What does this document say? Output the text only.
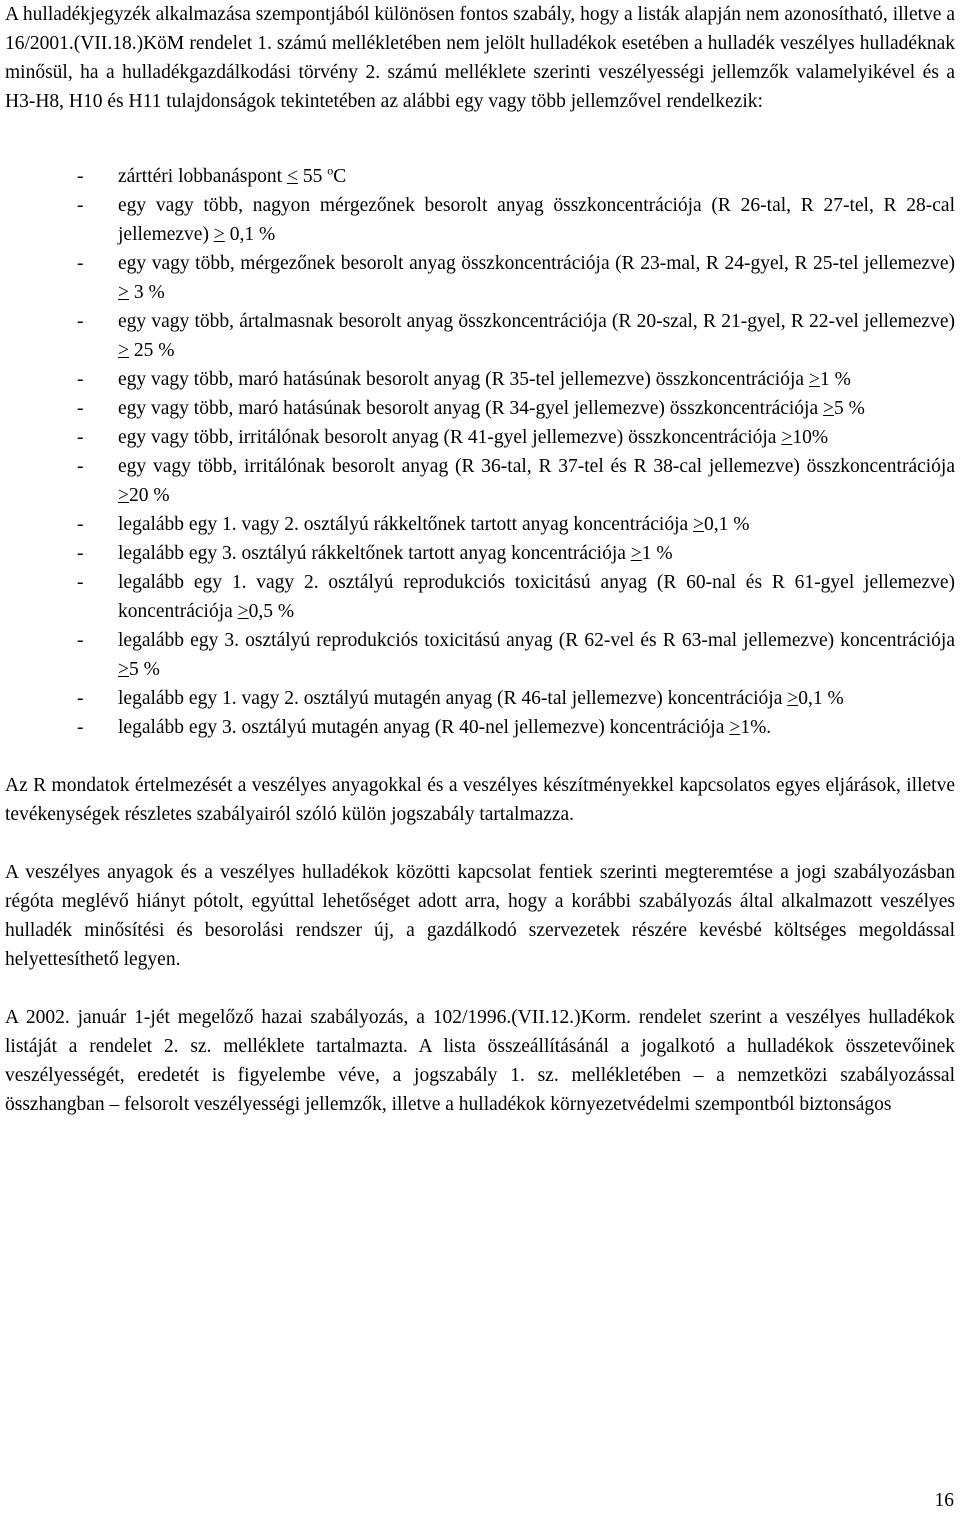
A hulladékjegyzék alkalmazása szempontjából különösen fontos szabály, hogy a listák alapján nem azonosítható, illetve a 16/2001.(VII.18.)KöM rendelet 1. számú mellékletében nem jelölt hulladékok esetében a hulladék veszélyes hulladéknak minősül, ha a hulladékgazdálkodási törvény 2. számú melléklete szerinti veszélyességi jellemzők valamelyikével és a H3-H8, H10 és H11 tulajdonságok tekintetében az alábbi egy vagy több jellemzővel rendelkezik:

- zárttéri lobbanáspont < 55 $^o$C
- egy vagy több, nagyon mérgezőnek besorolt anyag összkoncentrációja (R 26-tal, R 27-tel, R 28-cal jellemezve) > 0,1 %
- egy vagy több, mérgezőnek besorolt anyag összkoncentrációja (R 23-mal, R 24-gyel, R 25-tel jellemezve) > 3 %
- egy vagy több, ártalmasnak besorolt anyag összkoncentrációja (R 20-szal, R 21-gyel, R 22-vel jellemezve) > 25 %
- egy vagy több, maró hatásúnak besorolt anyag (R 35-tel jellemezve) összkoncentrációja >1 %
- egy vagy több, maró hatásúnak besorolt anyag (R 34-gyel jellemezve) összkoncentrációja >5 %
- egy vagy több, irritálónak besorolt anyag (R 41-gyel jellemezve) összkoncentrációja >10%
- egy vagy több, irritálónak besorolt anyag (R 36-tal, R 37-tel és R 38-cal jellemezve) összkoncentrációja >20 %
- legalább egy 1. vagy 2. osztályú rákkeltőnek tartott anyag koncentrációja >0,1 %
- legalább egy 3. osztályú rákkeltőnek tartott anyag koncentrációja >1 %
- legalább egy 1. vagy 2. osztályú reprodukciós toxicitású anyag (R 60-nal és R 61-gyel jellemezve) koncentrációja >0,5 %
- legalább egy 3. osztályú reprodukciós toxicitású anyag (R 62-vel és R 63-mal jellemezve) koncentrációja >5 %
- legalább egy 1. vagy 2. osztályú mutagén anyag (R 46-tal jellemezve) koncentrációja >0,1 %
- legalább egy 3. osztályú mutagén anyag (R 40-nel jellemezve) koncentrációja >1%.

Az R mondatok értelmezését a veszélyes anyagokkal és a veszélyes készítményekkel kapcsolatos egyes eljárások, illetve tevékenységek részletes szabályairól szóló külön jogszabály tartalmazza.

A veszélyes anyagok és a veszélyes hulladékok közötti kapcsolat fentiek szerinti megteremtése a jogi szabályozásban régóta meglévő hiányt pótolt, egyúttal lehetőséget adott arra, hogy a korábbi szabályozás által alkalmazott veszélyes hulladék minősítési és besorolási rendszer új, a gazdálkodó szervezetek részére kevésbé költséges megoldással helyettesíthető legyen.

A 2002. január 1-jét megelőző hazai szabályozás, a 102/1996.(VII.12.)Korm. rendelet szerint a veszélyes hulladékok listáját a rendelet 2. sz. melléklete tartalmazta. A lista összeállításánál a jogalkotó a hulladékok összetevőinek veszélyességét, eredetét is figyelembe véve, a jogszabály 1. sz. mellékletében – a nemzetközi szabályozással összhangban – felsorolt veszélyességi jellemzők, illetve a hulladékok környezetvédelmi szempontból biztonságos

16
